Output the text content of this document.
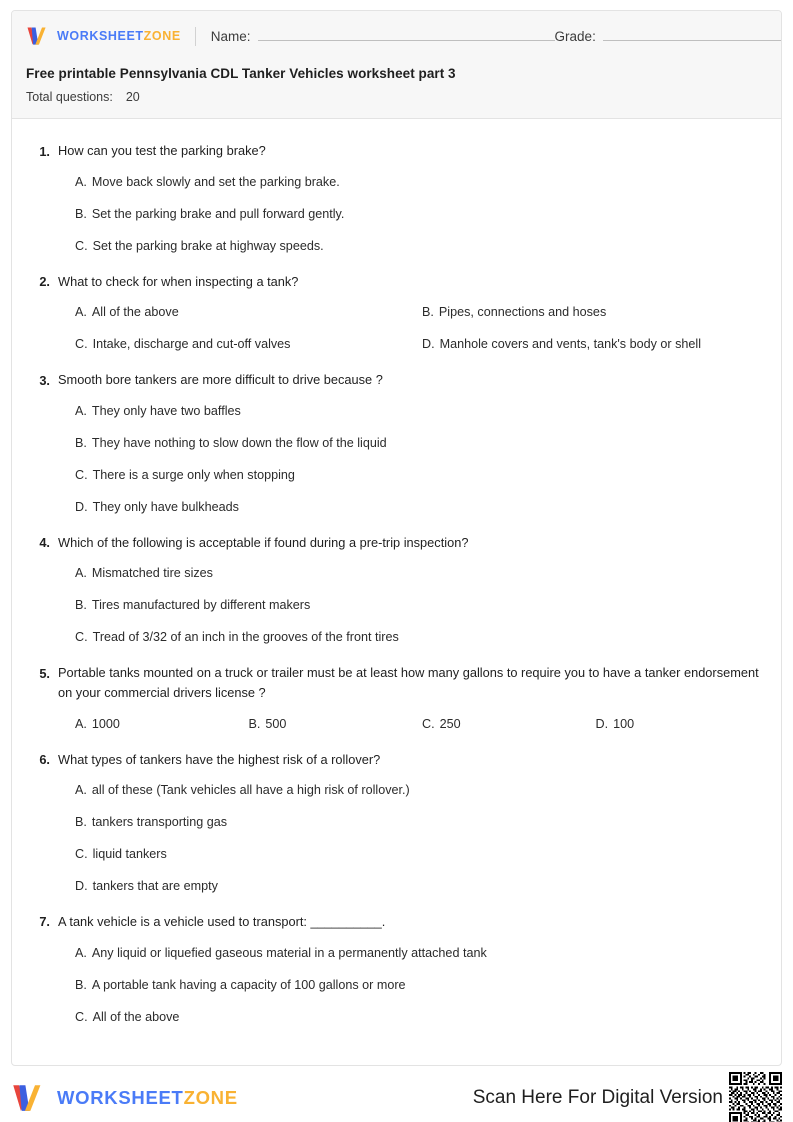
WORKSHEETZONE Name:	Grade:
Free printable Pennsylvania CDL Tanker Vehicles worksheet part 3
Total questions: 20
1. How can you test the parking brake?
A. Move back slowly and set the parking brake.
B. Set the parking brake and pull forward gently.
C. Set the parking brake at highway speeds.
2. What to check for when inspecting a tank?
A. All of the above	B. Pipes, connections and hoses
C. Intake, discharge and cut-off valves	D. Manhole covers and vents, tank's body or shell
3. Smooth bore tankers are more difficult to drive because ?
A. They only have two baffles
B. They have nothing to slow down the flow of the liquid
C. There is a surge only when stopping
D. They only have bulkheads
4. Which of the following is acceptable if found during a pre-trip inspection?
A. Mismatched tire sizes
B. Tires manufactured by different makers
C. Tread of 3/32 of an inch in the grooves of the front tires
5. Portable tanks mounted on a truck or trailer must be at least how many gallons to require you to have a tanker endorsement on your commercial drivers license ?
A. 1000	B. 500	C. 250	D. 100
6. What types of tankers have the highest risk of a rollover?
A. all of these (Tank vehicles all have a high risk of rollover.)
B. tankers transporting gas
C. liquid tankers
D. tankers that are empty
7. A tank vehicle is a vehicle used to transport: __________.
A. Any liquid or liquefied gaseous material in a permanently attached tank
B. A portable tank having a capacity of 100 gallons or more
C. All of the above
WORKSHEETZONE	Scan Here For Digital Version
